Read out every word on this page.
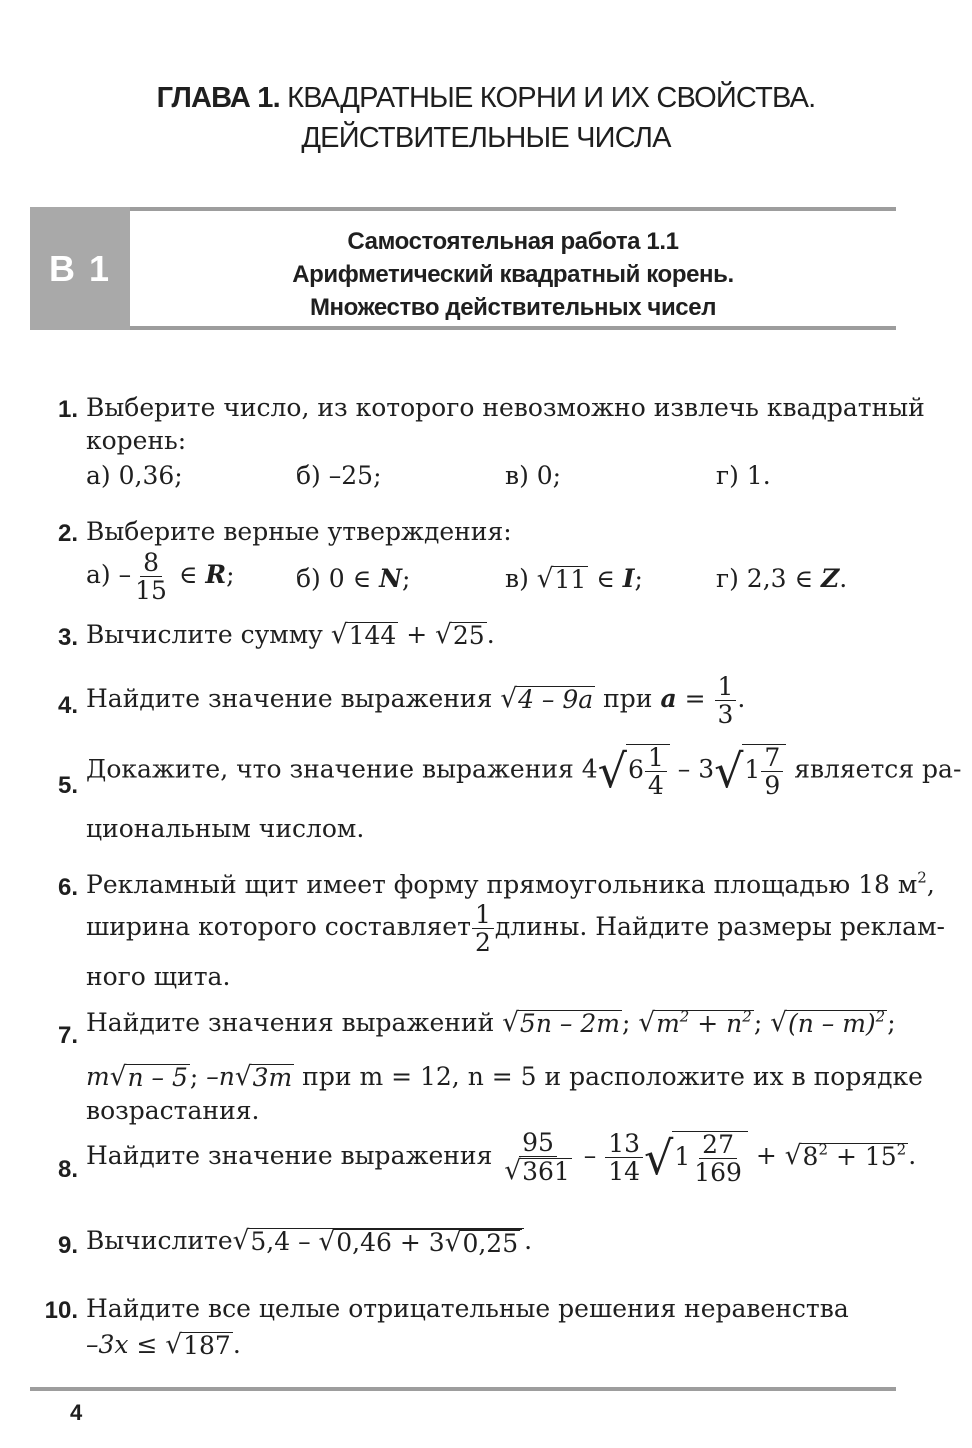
ГЛАВА 1. КВАДРАТНЫЕ КОРНИ И ИХ СВОЙСТВА.
ДЕЙСТВИТЕЛЬНЫЕ ЧИСЛА
В 1
Самостоятельная работа 1.1
Арифметический квадратный корень.
Множество действительных чисел
1. Выберите число, из которого невозможно извлечь квадратный
корень:
а) 0,36;	б) –25;	в) 0;	г) 1.
2. Выберите верные утверждения:
$а) - \frac{8}{15}$ ∈ R; б) 0 ∈ N;	в) √ 11 ∈ I;	г) 2,3 ∈ Z.
3. Вычислите сумму √ 144 + √ 25 .
4. Найдите значение выражения √ 4 – 9a при $a = \frac{1}{3}$ .
5.
Докажите, что значение выражения 4 √ $6 \frac{1}{4} - 3$ √ $1 \frac{7}{9}$ является ра-
циональным числом.
6. Рекламный щит имеет форму прямоугольника площадью 18 $м^2$,
ширина которого составляет $\frac{1}{2}$ длины. Найдите размеры реклам-
ного щита.
7. Найдите значения выражений √ 5n – 2m ; √ $m^2 + n^2$ ; √ (n – m)$^2$ ;
m √ n – 5 ; –n √ 3m при m = 12, n = 5 и расположите их в порядке
возрастания.
8. Найдите значение выражения $\frac{95}{√ 361} - \frac{13}{14}$ √ $1 \frac{27}{169}$ + √ $8^2 + 15^2$ .
9. Вычислите √ 5,4 – √ 0,46 + 3 √ 0,25 .
10. Найдите все целые отрицательные решения неравенства
–3x ≤ √ 187 .
4
